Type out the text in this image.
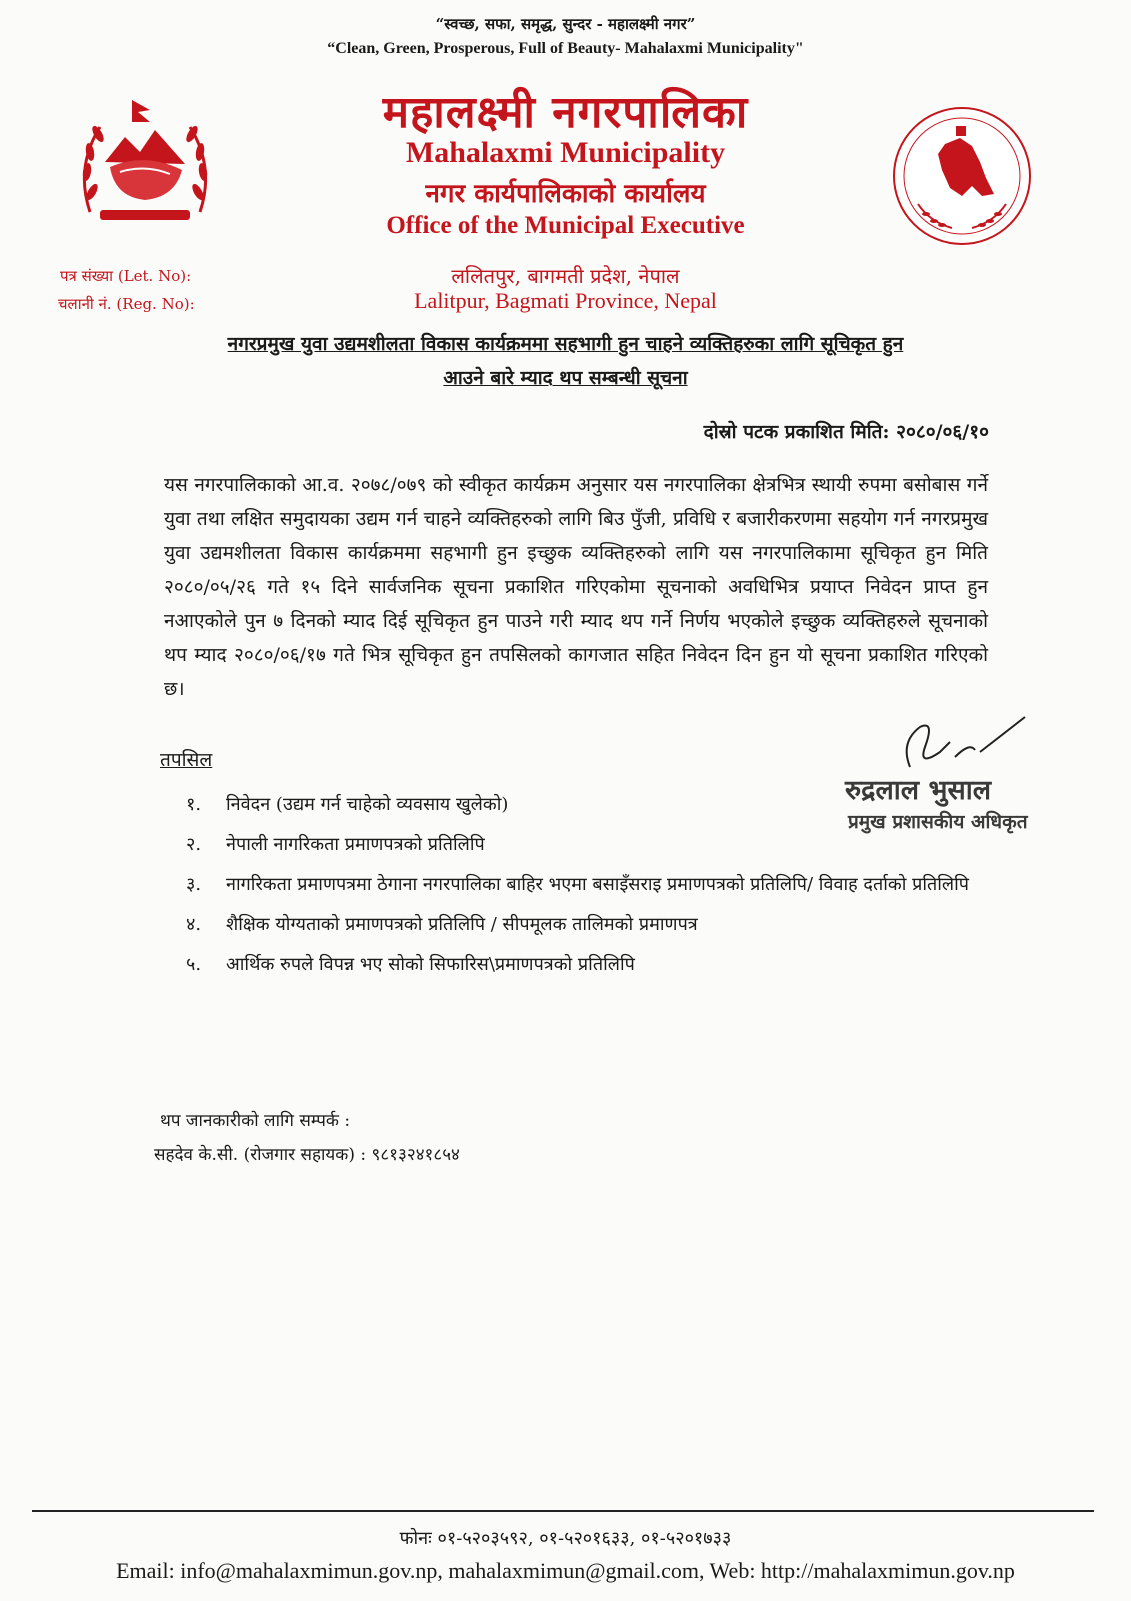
“स्वच्छ, सफा, समृद्ध, सुन्दर - महालक्ष्मी नगर”
“Clean, Green, Prosperous, Full of Beauty- Mahalaxmi Municipality"
महालक्ष्मी नगरपालिका
Mahalaxmi Municipality
नगर कार्यपालिकाको कार्यालय
Office of the Municipal Executive
ललितपुर, बागमती प्रदेश, नेपाल
Lalitpur, Bagmati Province, Nepal
पत्र संख्या (Let. No):
चलानी नं. (Reg. No):
नगरप्रमुख युवा उद्यमशीलता विकास कार्यक्रममा सहभागी हुन चाहने व्यक्तिहरुका लागि सूचिकृत हुन
आउने बारे म्याद थप सम्बन्धी सूचना
दोस्रो पटक प्रकाशित मिति: २०८०/०६/१०
यस नगरपालिकाको आ.व. २०७८/०७९ को स्वीकृत कार्यक्रम अनुसार यस नगरपालिका क्षेत्रभित्र स्थायी रुपमा बसोबास गर्ने युवा तथा लक्षित समुदायका उद्यम गर्न चाहने व्यक्तिहरुको लागि बिउ पुँजी, प्रविधि र बजारीकरणमा सहयोग गर्न नगरप्रमुख युवा उद्यमशीलता विकास कार्यक्रममा सहभागी हुन इच्छुक व्यक्तिहरुको लागि यस नगरपालिकामा सूचिकृत हुन मिति २०८०/०५/२६ गते १५ दिने सार्वजनिक सूचना प्रकाशित गरिएकोमा सूचनाको अवधिभित्र प्रयाप्त निवेदन प्राप्त हुन नआएकोले पुन ७ दिनको म्याद दिई सूचिकृत हुन पाउने गरी म्याद थप गर्ने निर्णय भएकोले इच्छुक व्यक्तिहरुले सूचनाको थप म्याद २०८०/०६/१७ गते भित्र सूचिकृत हुन तपसिलको कागजात सहित निवेदन दिन हुन यो सूचना प्रकाशित गरिएको छ।
तपसिल
१.	निवेदन (उद्यम गर्न चाहेको व्यवसाय खुलेको)
२.	नेपाली नागरिकता प्रमाणपत्रको प्रतिलिपि
३.	नागरिकता प्रमाणपत्रमा ठेगाना नगरपालिका बाहिर भएमा बसाइँसराइ प्रमाणपत्रको प्रतिलिपि/ विवाह दर्ताको प्रतिलिपि
४.	शैक्षिक योग्यताको प्रमाणपत्रको प्रतिलिपि / सीपमूलक तालिमको प्रमाणपत्र
५.	आर्थिक रुपले विपन्न भए सोको सिफारिस\प्रमाणपत्रको प्रतिलिपि
रुद्रलाल भुसाल
प्रमुख प्रशासकीय अधिकृत
थप जानकारीको लागि सम्पर्क :
सहदेव के.सी. (रोजगार सहायक) : ९८१३२४१८५४
फोनः ०१-५२०३५९२, ०१-५२०१६३३, ०१-५२०१७३३
Email: info@mahalaxmimun.gov.np, mahalaxmimun@gmail.com, Web: http://mahalaxmimun.gov.np
